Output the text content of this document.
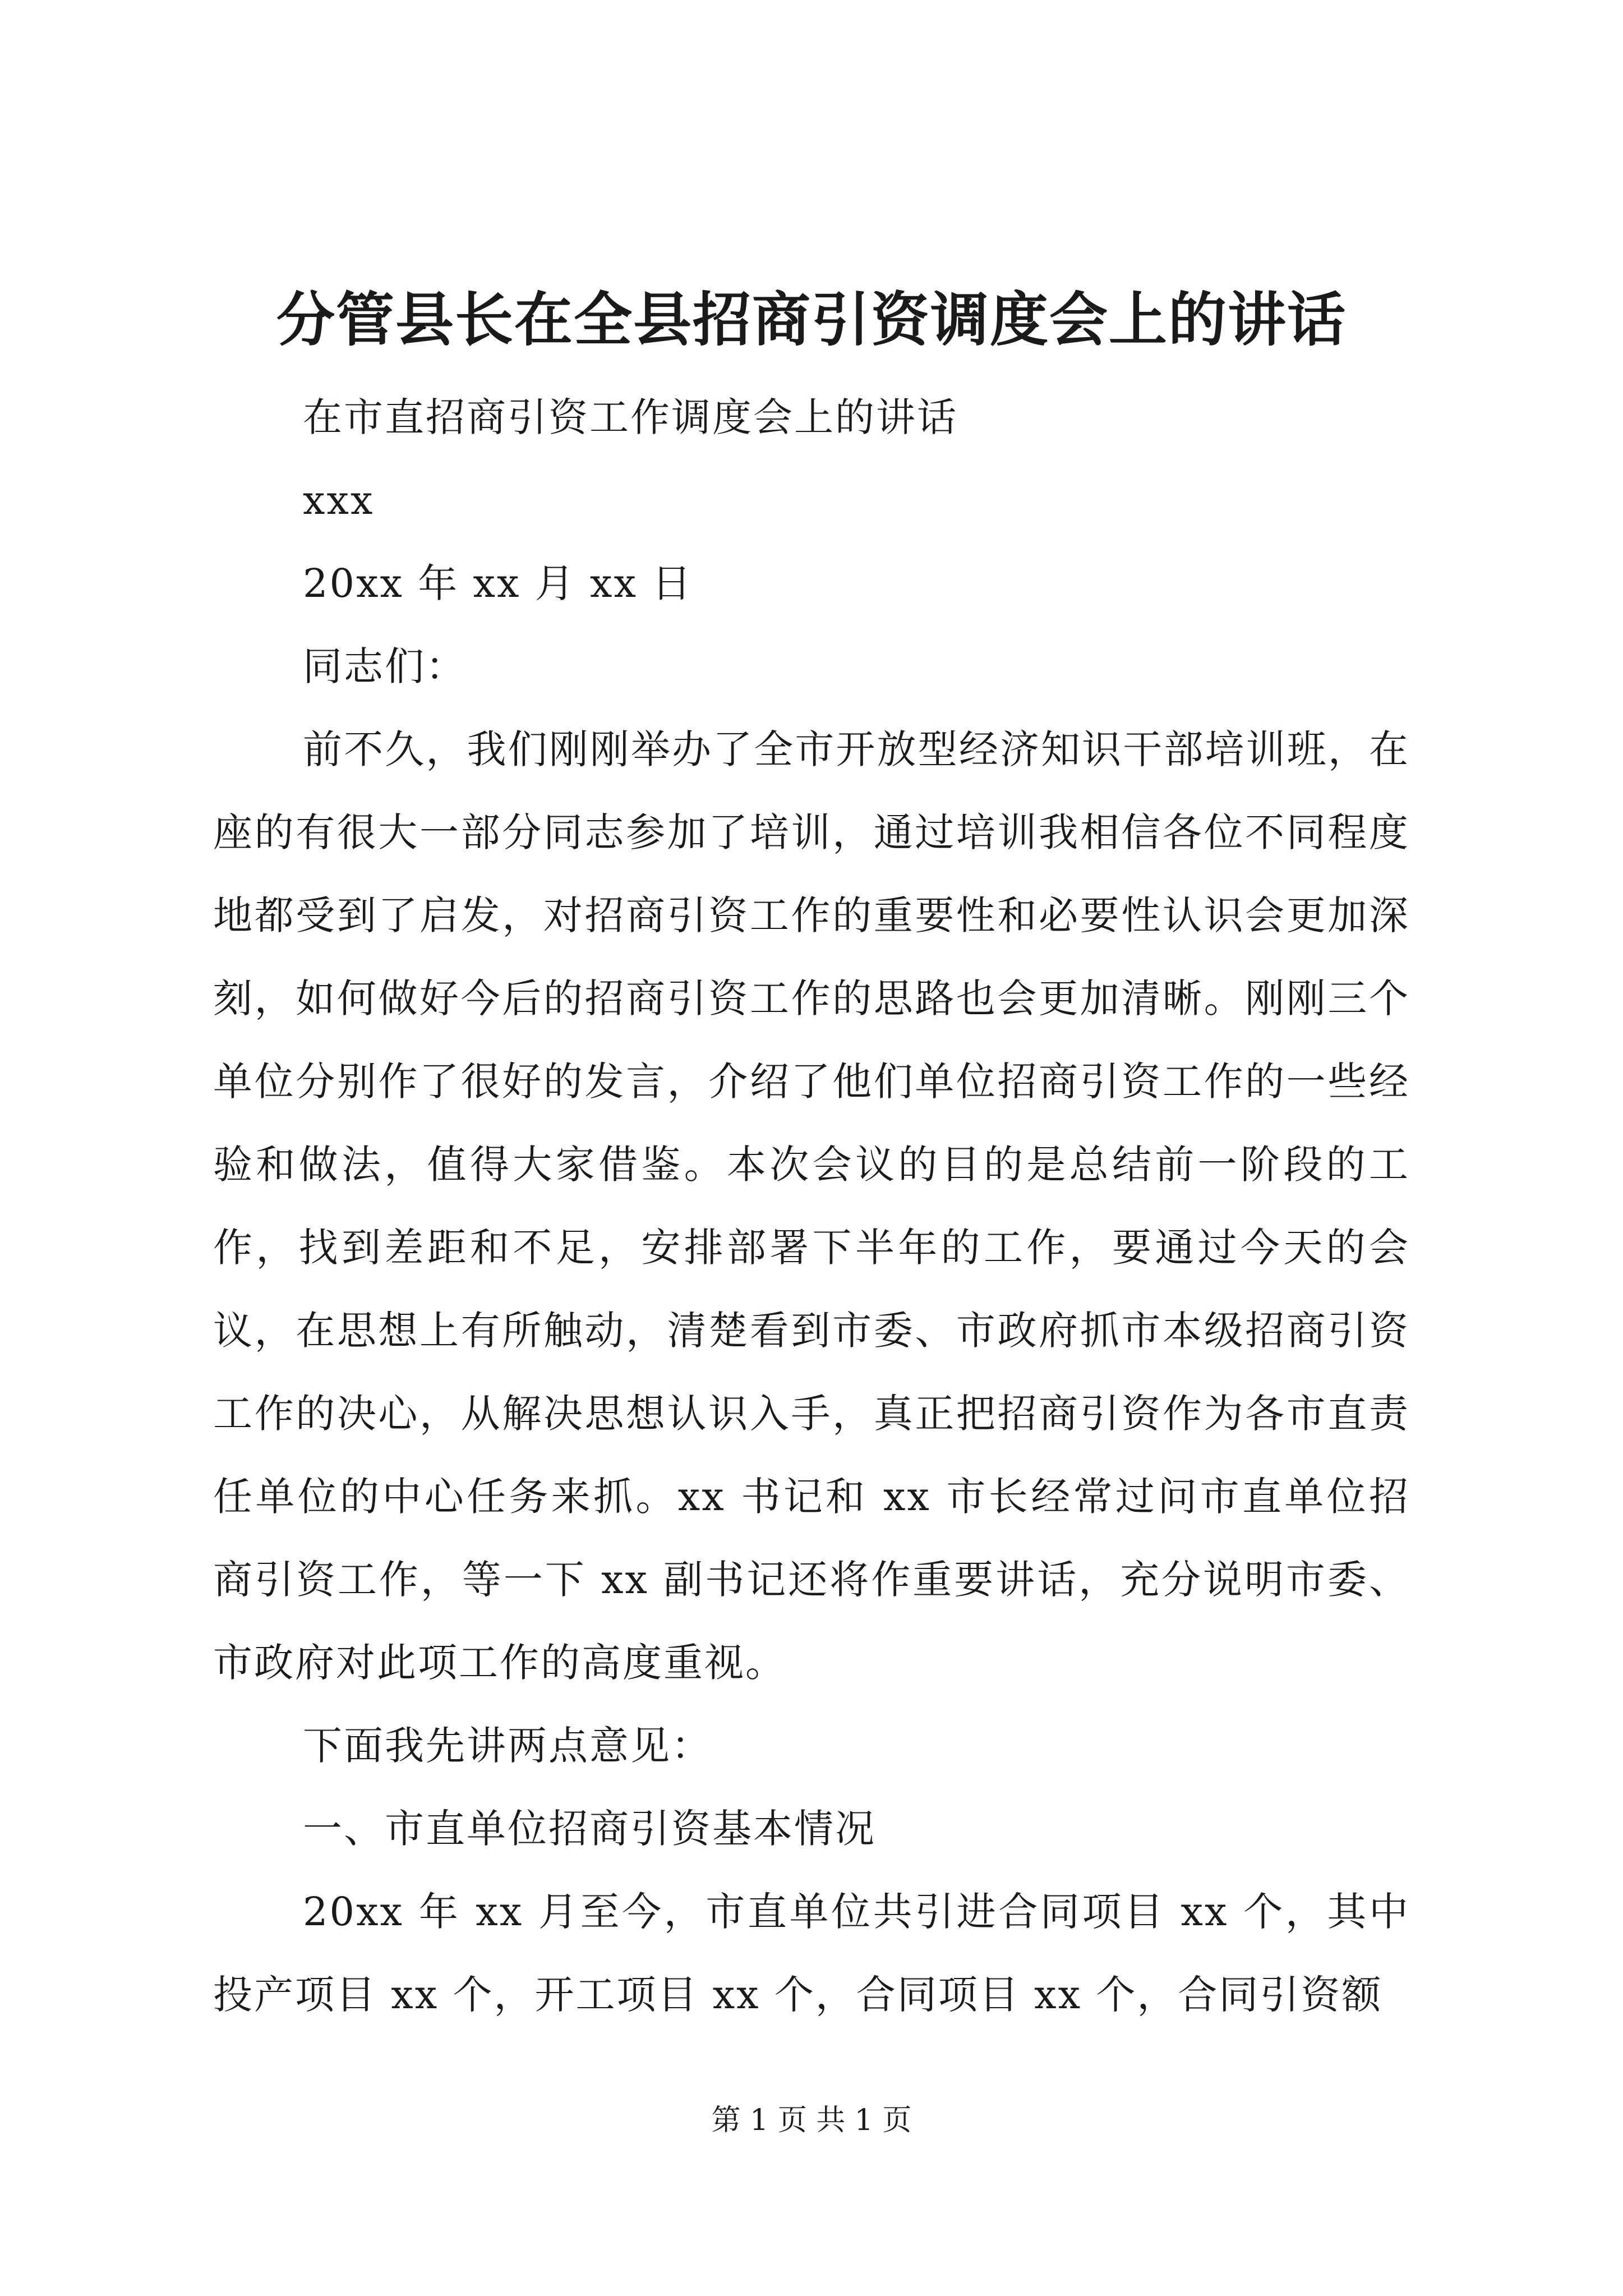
分管县长在全县招商引资调度会上的讲话

在市直招商引资工作调度会上的讲话

xxx

20xx 年 xx 月 xx 日

同志们：

前不久，我们刚刚举办了全市开放型经济知识干部培训班，在座的有很大一部分同志参加了培训，通过培训我相信各位不同程度地都受到了启发，对招商引资工作的重要性和必要性认识会更加深刻，如何做好今后的招商引资工作的思路也会更加清晰。刚刚三个单位分别作了很好的发言，介绍了他们单位招商引资工作的一些经验和做法，值得大家借鉴。本次会议的目的是总结前一阶段的工作，找到差距和不足，安排部署下半年的工作，要通过今天的会议，在思想上有所触动，清楚看到市委、市政府抓市本级招商引资工作的决心，从解决思想认识入手，真正把招商引资作为各市直责任单位的中心任务来抓。xx 书记和 xx 市长经常过问市直单位招商引资工作，等一下 xx 副书记还将作重要讲话，充分说明市委、市政府对此项工作的高度重视。

下面我先讲两点意见：

一、市直单位招商引资基本情况

20xx 年 xx 月至今，市直单位共引进合同项目 xx 个，其中投产项目 xx 个，开工项目 xx 个，合同项目 xx 个，合同引资额

第 1 页 共 1 页
